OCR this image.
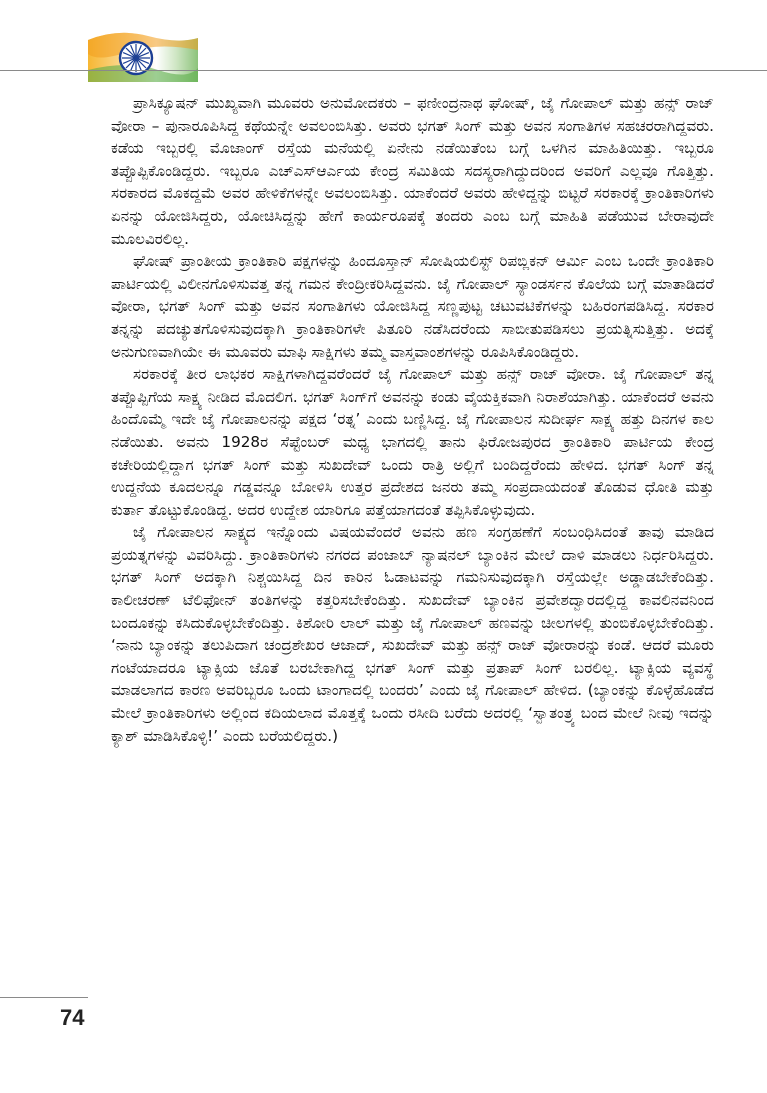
ಪ್ರಾಸಿಕ್ಯೂಷನ್ ಮುಖ್ಯವಾಗಿ ಮೂವರು ಅನುಮೋದಕರು – ಫಣೀಂದ್ರನಾಥ ಘೋಷ್, ಜೈ ಗೋಪಾಲ್ ಮತ್ತು ಹನ್ಸ್ ರಾಜ್ ವೋರಾ – ಪುನಾರೂಪಿಸಿದ್ದ ಕಥೆಯನ್ನೇ ಅವಲಂಬಿಸಿತ್ತು. ಅವರು ಭಗತ್ ಸಿಂಗ್ ಮತ್ತು ಅವನ ಸಂಗಾತಿಗಳ ಸಹಚರರಾಗಿದ್ದವರು. ಕಡೆಯ ಇಬ್ಬರಲ್ಲಿ ಮೊಜಾಂಗ್ ರಸ್ತೆಯ ಮನೆಯಲ್ಲಿ ಏನೇನು ನಡೆಯಿತೆಂಬ ಬಗ್ಗೆ ಒಳಗಿನ ಮಾಹಿತಿಯಿತ್ತು. ಇಬ್ಬರೂ ತಪ್ಪೊಪ್ಪಿಕೊಂಡಿದ್ದರು. ಇಬ್ಬರೂ ಎಚ್ಎಸ್ಆರ್ಎಯ ಕೇಂದ್ರ ಸಮಿತಿಯ ಸದಸ್ಯರಾಗಿದ್ದುದರಿಂದ ಅವರಿಗೆ ಎಲ್ಲವೂ ಗೊತ್ತಿತ್ತು. ಸರಕಾರದ ಮೊಕದ್ದಮೆ ಅವರ ಹೇಳಿಕೆಗಳನ್ನೇ ಅವಲಂಬಿಸಿತ್ತು. ಯಾಕೆಂದರೆ ಅವರು ಹೇಳಿದ್ದನ್ನು ಬಿಟ್ಟರೆ ಸರಕಾರಕ್ಕೆ ಕ್ರಾಂತಿಕಾರಿಗಳು ಏನನ್ನು ಯೋಜಿಸಿದ್ದರು, ಯೋಚಿಸಿದ್ದನ್ನು ಹೇಗೆ ಕಾರ್ಯರೂಪಕ್ಕೆ ತಂದರು ಎಂಬ ಬಗ್ಗೆ ಮಾಹಿತಿ ಪಡೆಯುವ ಬೇರಾವುದೇ ಮೂಲವಿರಲಿಲ್ಲ.

ಘೋಷ್ ಪ್ರಾಂತೀಯ ಕ್ರಾಂತಿಕಾರಿ ಪಕ್ಷಗಳನ್ನು ಹಿಂದೂಸ್ತಾನ್ ಸೋಷಿಯಲಿಸ್ಟ್ ರಿಪಬ್ಲಿಕನ್ ಆರ್ಮಿ ಎಂಬ ಒಂದೇ ಕ್ರಾಂತಿಕಾರಿ ಪಾರ್ಟಿಯಲ್ಲಿ ವಿಲೀನಗೊಳಿಸುವತ್ತ ತನ್ನ ಗಮನ ಕೇಂದ್ರೀಕರಿಸಿದ್ದವನು. ಜೈ ಗೋಪಾಲ್ ಸ್ಯಾಂಡರ್ಸನ ಕೊಲೆಯ ಬಗ್ಗೆ ಮಾತಾಡಿದರೆ ವೋರಾ, ಭಗತ್ ಸಿಂಗ್ ಮತ್ತು ಅವನ ಸಂಗಾತಿಗಳು ಯೋಜಿಸಿದ್ದ ಸಣ್ಣಪುಟ್ಟ ಚಟುವಟಿಕೆಗಳನ್ನು ಬಹಿರಂಗಪಡಿಸಿದ್ದ. ಸರಕಾರ ತನ್ನನ್ನು ಪದಚ್ಯುತಗೊಳಿಸುವುದಕ್ಕಾಗಿ ಕ್ರಾಂತಿಕಾರಿಗಳೇ ಪಿತೂರಿ ನಡೆಸಿದರೆಂದು ಸಾಬೀತುಪಡಿಸಲು ಪ್ರಯತ್ನಿಸುತ್ತಿತ್ತು. ಅದಕ್ಕೆ ಅನುಗುಣವಾಗಿಯೇ ಈ ಮೂವರು ಮಾಫಿ ಸಾಕ್ಷಿಗಳು ತಮ್ಮ ವಾಸ್ತವಾಂಶಗಳನ್ನು ರೂಪಿಸಿಕೊಂಡಿದ್ದರು.

ಸರಕಾರಕ್ಕೆ ತೀರ ಲಾಭಕರ ಸಾಕ್ಷಿಗಳಾಗಿದ್ದವರೆಂದರೆ ಜೈ ಗೋಪಾಲ್ ಮತ್ತು ಹನ್ಸ್ ರಾಜ್ ವೋರಾ. ಜೈ ಗೋಪಾಲ್ ತನ್ನ ತಪ್ಪೊಪ್ಪಿಗೆಯ ಸಾಕ್ಷ್ಯ ನೀಡಿದ ಮೊದಲಿಗ. ಭಗತ್ ಸಿಂಗ್‌ಗೆ ಅವನನ್ನು ಕಂಡು ವೈಯಕ್ತಿಕವಾಗಿ ನಿರಾಶೆಯಾಗಿತ್ತು. ಯಾಕೆಂದರೆ ಅವನು ಹಿಂದೊಮ್ಮೆ ಇದೇ ಜೈ ಗೋಪಾಲನನ್ನು ಪಕ್ಷದ ‘ರತ್ನ’ ಎಂದು ಬಣ್ಣಿಸಿದ್ದ. ಜೈ ಗೋಪಾಲನ ಸುದೀರ್ಘ ಸಾಕ್ಷ್ಯ ಹತ್ತು ದಿನಗಳ ಕಾಲ ನಡೆಯಿತು. ಅವನು 1928ರ ಸೆಪ್ಟೆಂಬರ್ ಮಧ್ಯ ಭಾಗದಲ್ಲಿ ತಾನು ಫಿರೋಜಪುರದ ಕ್ರಾಂತಿಕಾರಿ ಪಾರ್ಟಿಯ ಕೇಂದ್ರ ಕಚೇರಿಯಲ್ಲಿದ್ದಾಗ ಭಗತ್ ಸಿಂಗ್ ಮತ್ತು ಸುಖದೇವ್ ಒಂದು ರಾತ್ರಿ ಅಲ್ಲಿಗೆ ಬಂದಿದ್ದರೆಂದು ಹೇಳಿದ. ಭಗತ್ ಸಿಂಗ್ ತನ್ನ ಉದ್ದನೆಯ ಕೂದಲನ್ನೂ ಗಡ್ಡವನ್ನೂ ಬೋಳಿಸಿ ಉತ್ತರ ಪ್ರದೇಶದ ಜನರು ತಮ್ಮ ಸಂಪ್ರದಾಯದಂತೆ ತೊಡುವ ಧೋತಿ ಮತ್ತು ಕುರ್ತಾ ತೊಟ್ಟುಕೊಂಡಿದ್ದ. ಅದರ ಉದ್ದೇಶ ಯಾರಿಗೂ ಪತ್ತೆಯಾಗದಂತೆ ತಪ್ಪಿಸಿಕೊಳ್ಳುವುದು.

ಜೈ ಗೋಪಾಲನ ಸಾಕ್ಷ್ಯದ ಇನ್ನೊಂದು ವಿಷಯವೆಂದರೆ ಅವನು ಹಣ ಸಂಗ್ರಹಣೆಗೆ ಸಂಬಂಧಿಸಿದಂತೆ ತಾವು ಮಾಡಿದ ಪ್ರಯತ್ನಗಳನ್ನು ವಿವರಿಸಿದ್ದು. ಕ್ರಾಂತಿಕಾರಿಗಳು ನಗರದ ಪಂಜಾಬ್ ನ್ಯಾಷನಲ್ ಬ್ಯಾಂಕಿನ ಮೇಲೆ ದಾಳಿ ಮಾಡಲು ನಿರ್ಧರಿಸಿದ್ದರು. ಭಗತ್ ಸಿಂಗ್ ಅದಕ್ಕಾಗಿ ನಿಶ್ಚಯಿಸಿದ್ದ ದಿನ ಕಾರಿನ ಓಡಾಟವನ್ನು ಗಮನಿಸುವುದಕ್ಕಾಗಿ ರಸ್ತೆಯಲ್ಲೇ ಅಡ್ಡಾಡಬೇಕೆಂದಿತ್ತು. ಕಾಲೀಚರಣ್ ಟೆಲಿಫೋನ್ ತಂತಿಗಳನ್ನು ಕತ್ತರಿಸಬೇಕೆಂದಿತ್ತು. ಸುಖದೇವ್ ಬ್ಯಾಂಕಿನ ಪ್ರವೇಶದ್ವಾರದಲ್ಲಿದ್ದ ಕಾವಲಿನವನಿಂದ ಬಂದೂಕನ್ನು ಕಸಿದುಕೊಳ್ಳಬೇಕೆಂದಿತ್ತು. ಕಿಶೋರಿ ಲಾಲ್ ಮತ್ತು ಜೈ ಗೋಪಾಲ್ ಹಣವನ್ನು ಚೀಲಗಳಲ್ಲಿ ತುಂಬಿಕೊಳ್ಳಬೇಕೆಂದಿತ್ತು. ‘ನಾನು ಬ್ಯಾಂಕನ್ನು ತಲುಪಿದಾಗ ಚಂದ್ರಶೇಖರ ಆಜಾದ್, ಸುಖದೇವ್ ಮತ್ತು ಹನ್ಸ್ ರಾಜ್ ವೋರಾರನ್ನು ಕಂಡೆ. ಆದರೆ ಮೂರು ಗಂಟೆಯಾದರೂ ಟ್ಯಾಕ್ಸಿಯ ಜೊತೆ ಬರಬೇಕಾಗಿದ್ದ ಭಗತ್ ಸಿಂಗ್ ಮತ್ತು ಪ್ರತಾಪ್ ಸಿಂಗ್ ಬರಲಿಲ್ಲ. ಟ್ಯಾಕ್ಸಿಯ ವ್ಯವಸ್ಥೆ ಮಾಡಲಾಗದ ಕಾರಣ ಅವರಿಬ್ಬರೂ ಒಂದು ಟಾಂಗಾದಲ್ಲಿ ಬಂದರು’ ಎಂದು ಜೈ ಗೋಪಾಲ್ ಹೇಳಿದ. (ಬ್ಯಾಂಕನ್ನು ಕೊಳ್ಳೆಹೊಡೆದ ಮೇಲೆ ಕ್ರಾಂತಿಕಾರಿಗಳು ಅಲ್ಲಿಂದ ಕದಿಯಲಾದ ಮೊತ್ತಕ್ಕೆ ಒಂದು ರಸೀದಿ ಬರೆದು ಅದರಲ್ಲಿ ‘ಸ್ವಾತಂತ್ರ್ಯ ಬಂದ ಮೇಲೆ ನೀವು ಇದನ್ನು ಕ್ಯಾಶ್ ಮಾಡಿಸಿಕೊಳ್ಳಿ!’ ಎಂದು ಬರೆಯಲಿದ್ದರು.)

74
